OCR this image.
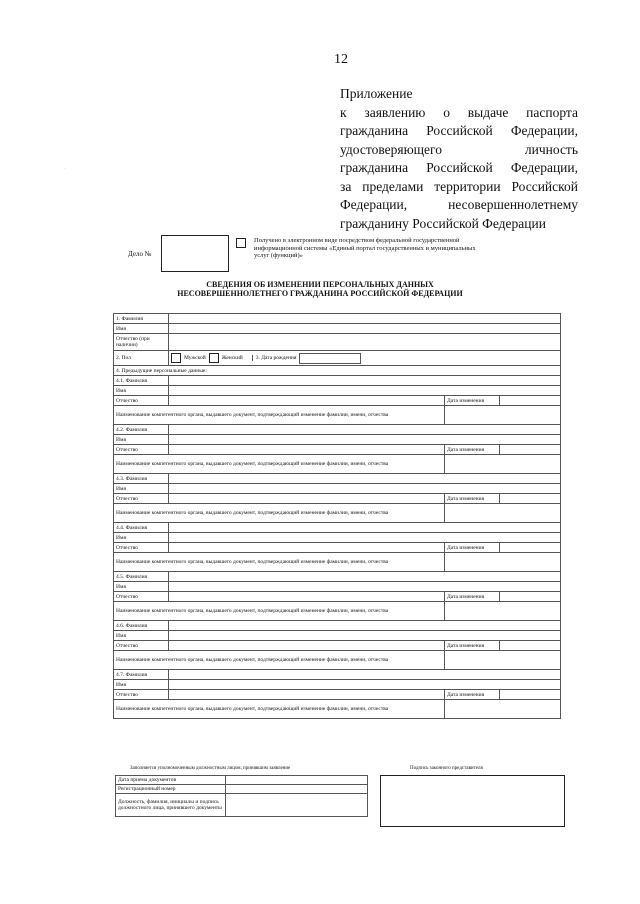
12
·
Приложение
к заявлению о выдаче паспорта
гражданина Российской Федерации,
удостоверяющего личность
гражданина Российской Федерации,
за пределами территории Российской
Федерации, несовершеннолетнему
гражданину Российской Федерации
Дело №
Получено в электронном виде посредством федеральной государственной информационной системы «Единый портал государственных и муниципальных услуг (функций)»
СВЕДЕНИЯ ОБ ИЗМЕНЕНИИ ПЕРСОНАЛЬНЫХ ДАННЫХ
НЕСОВЕРШЕННОЛЕТНЕГО ГРАЖДАНИНА РОССИЙСКОЙ ФЕДЕРАЦИИ
1. Фамилия			
Имя			
Отчество (при наличии)			
2. Пол	Мужской Женский 3. Дата рождения		

4. Предыдущие персональные данные:			
4.1. Фамилия			
Имя			
Отчество		Дата изменения	
Наименование компетентного органа, выдавшего документ, подтверждающий изменение фамилии, имени, отчества			
4.2. Фамилия			
Имя			
Отчество		Дата изменения	
Наименование компетентного органа, выдавшего документ, подтверждающий изменение фамилии, имени, отчества			
4.3. Фамилия			
Имя			
Отчество		Дата изменения	
Наименование компетентного органа, выдавшего документ, подтверждающий изменение фамилии, имени, отчества			
4.4. Фамилия			
Имя			
Отчество		Дата изменения	
Наименование компетентного органа, выдавшего документ, подтверждающий изменение фамилии, имени, отчества			
4.5. Фамилия			
Имя			
Отчество		Дата изменения	
Наименование компетентного органа, выдавшего документ, подтверждающий изменение фамилии, имени, отчества			
4.6. Фамилия			
Имя			
Отчество		Дата изменения	
Наименование компетентного органа, выдавшего документ, подтверждающий изменение фамилии, имени, отчества			
4.7. Фамилия			
Имя			
Отчество		Дата изменения	
Наименование компетентного органа, выдавшего документ, подтверждающий изменение фамилии, имени, отчества			
Заполняется уполномоченным должностным лицом, принявшим заявление	Подпись законного представителя
Дата приема документов	
Регистрационный номер	
Должность, фамилия, инициалы и подпись должностного лица, принявшего документы	
